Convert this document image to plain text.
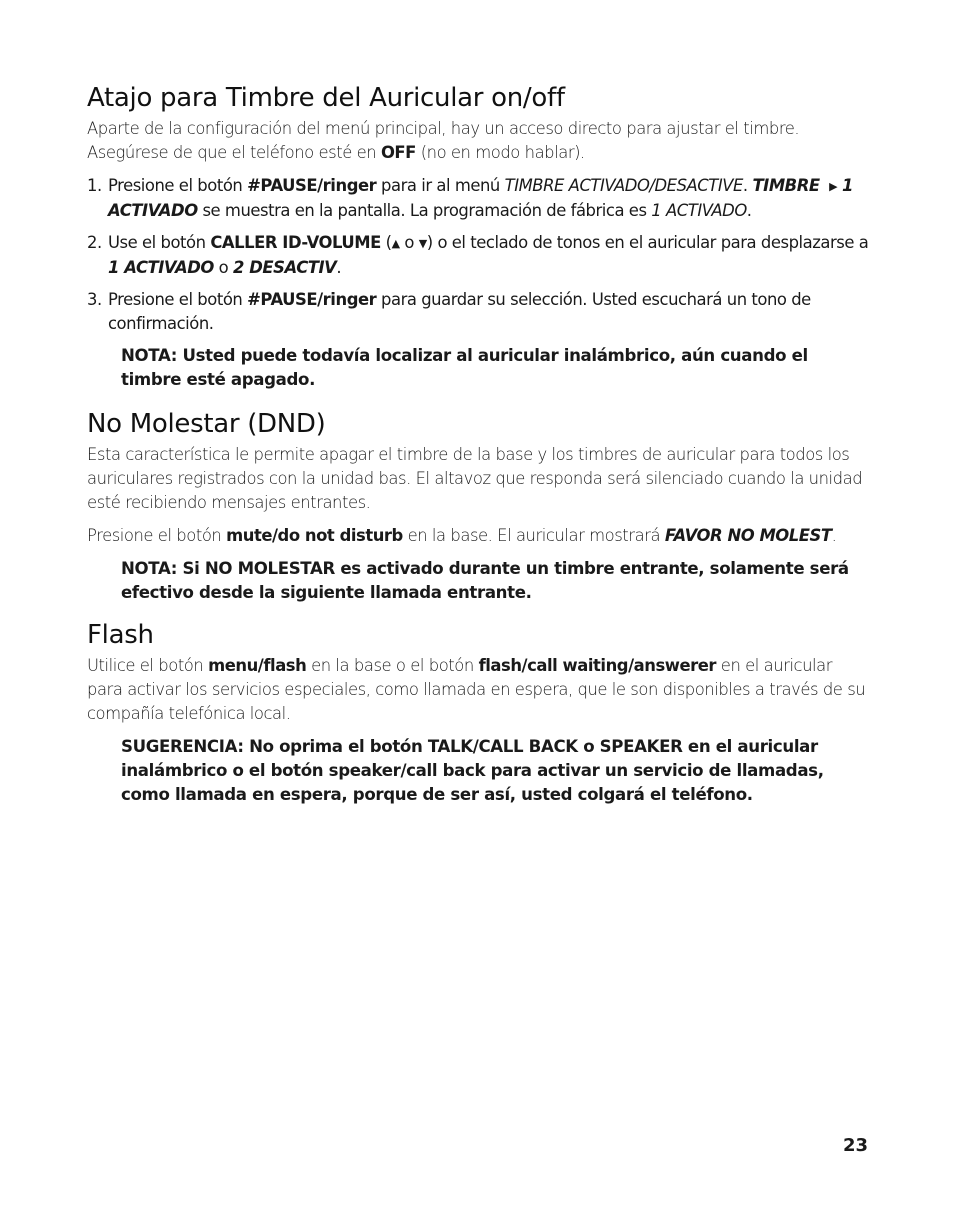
Atajo para Timbre del Auricular on/off

Aparte de la configuración del menú principal, hay un acceso directo para ajustar el timbre. Asegúrese de que el teléfono esté en OFF (no en modo hablar).

1. Presione el botón #PAUSE/ringer para ir al menú TIMBRE ACTIVADO/DESACTIVE. TIMBRE ▶ 1 ACTIVADO se muestra en la pantalla. La programación de fábrica es 1 ACTIVADO.
2. Use el botón CALLER ID-VOLUME (▲ o ▼) o el teclado de tonos en el auricular para desplazarse a 1 ACTIVADO o 2 DESACTIV.
3. Presione el botón #PAUSE/ringer para guardar su selección. Usted escuchará un tono de confirmación.

NOTA: Usted puede todavía localizar al auricular inalámbrico, aún cuando el timbre esté apagado.

No Molestar (DND)

Esta característica le permite apagar el timbre de la base y los timbres de auricular para todos los auriculares registrados con la unidad bas. El altavoz que responda será silenciado cuando la unidad esté recibiendo mensajes entrantes.

Presione el botón mute/do not disturb en la base. El auricular mostrará FAVOR NO MOLEST.

NOTA: Si NO MOLESTAR es activado durante un timbre entrante, solamente será efectivo desde la siguiente llamada entrante.

Flash

Utilice el botón menu/flash en la base o el botón flash/call waiting/answerer en el auricular para activar los servicios especiales, como llamada en espera, que le son disponibles a través de su compañía telefónica local.

SUGERENCIA: No oprima el botón TALK/CALL BACK o SPEAKER en el auricular inalámbrico o el botón speaker/call back para activar un servicio de llamadas, como llamada en espera, porque de ser así, usted colgará el teléfono.

23
